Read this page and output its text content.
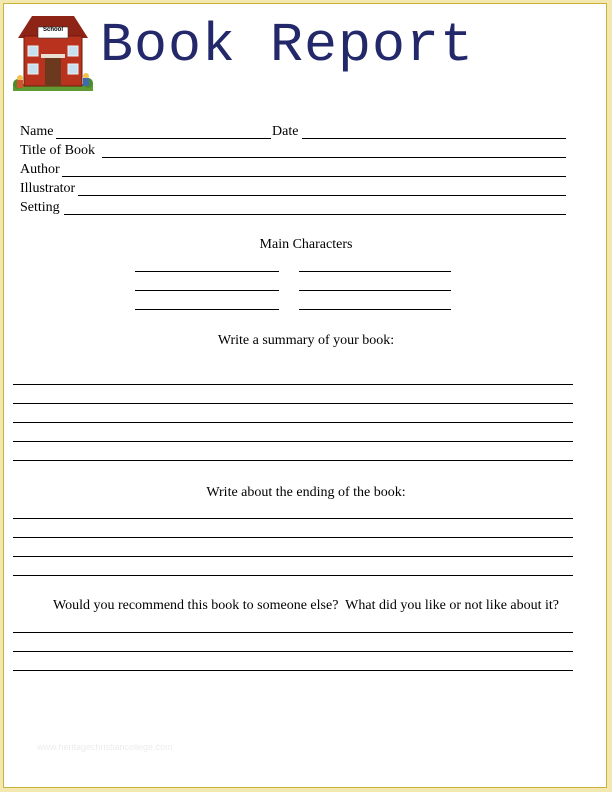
School Book Report
Name	Date
Title of Book
Author
Illustrator
Setting
Main Characters
Write a summary of your book:
Write about the ending of the book:
Would you recommend this book to someone else?  What did you like or not like about it?
www.heritagechristiancollege.com
